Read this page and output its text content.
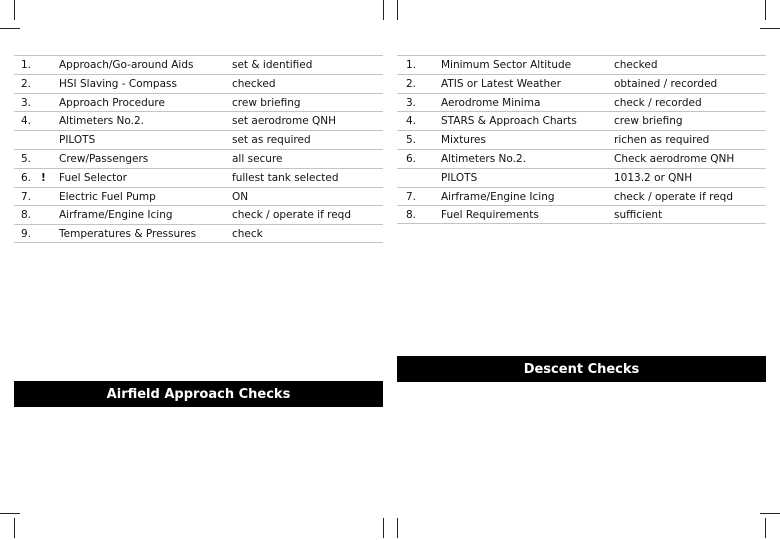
1.	Approach/Go-around Aids	set & identified
2.	HSI Slaving - Compass	checked
3.	Approach Procedure	crew briefing
4.	Altimeters No.2.	set aerodrome QNH
PILOTS	set as required
5.	Crew/Passengers	all secure
6. ! Fuel Selector	fullest tank selected
7.	Electric Fuel Pump	ON
8.	Airframe/Engine Icing	check / operate if reqd
9.	Temperatures & Pressures	check
Airfield Approach Checks
1. Minimum Sector Altitude	checked
2. ATIS or Latest Weather	obtained / recorded
3. Aerodrome Minima	check / recorded
4. STARS & Approach Charts	crew briefing
5. Mixtures	richen as required
6. Altimeters No.2.	Check aerodrome QNH
PILOTS	1013.2 or QNH
7. Airframe/Engine Icing	check / operate if reqd
8. Fuel Requirements	sufficient
Descent Checks
